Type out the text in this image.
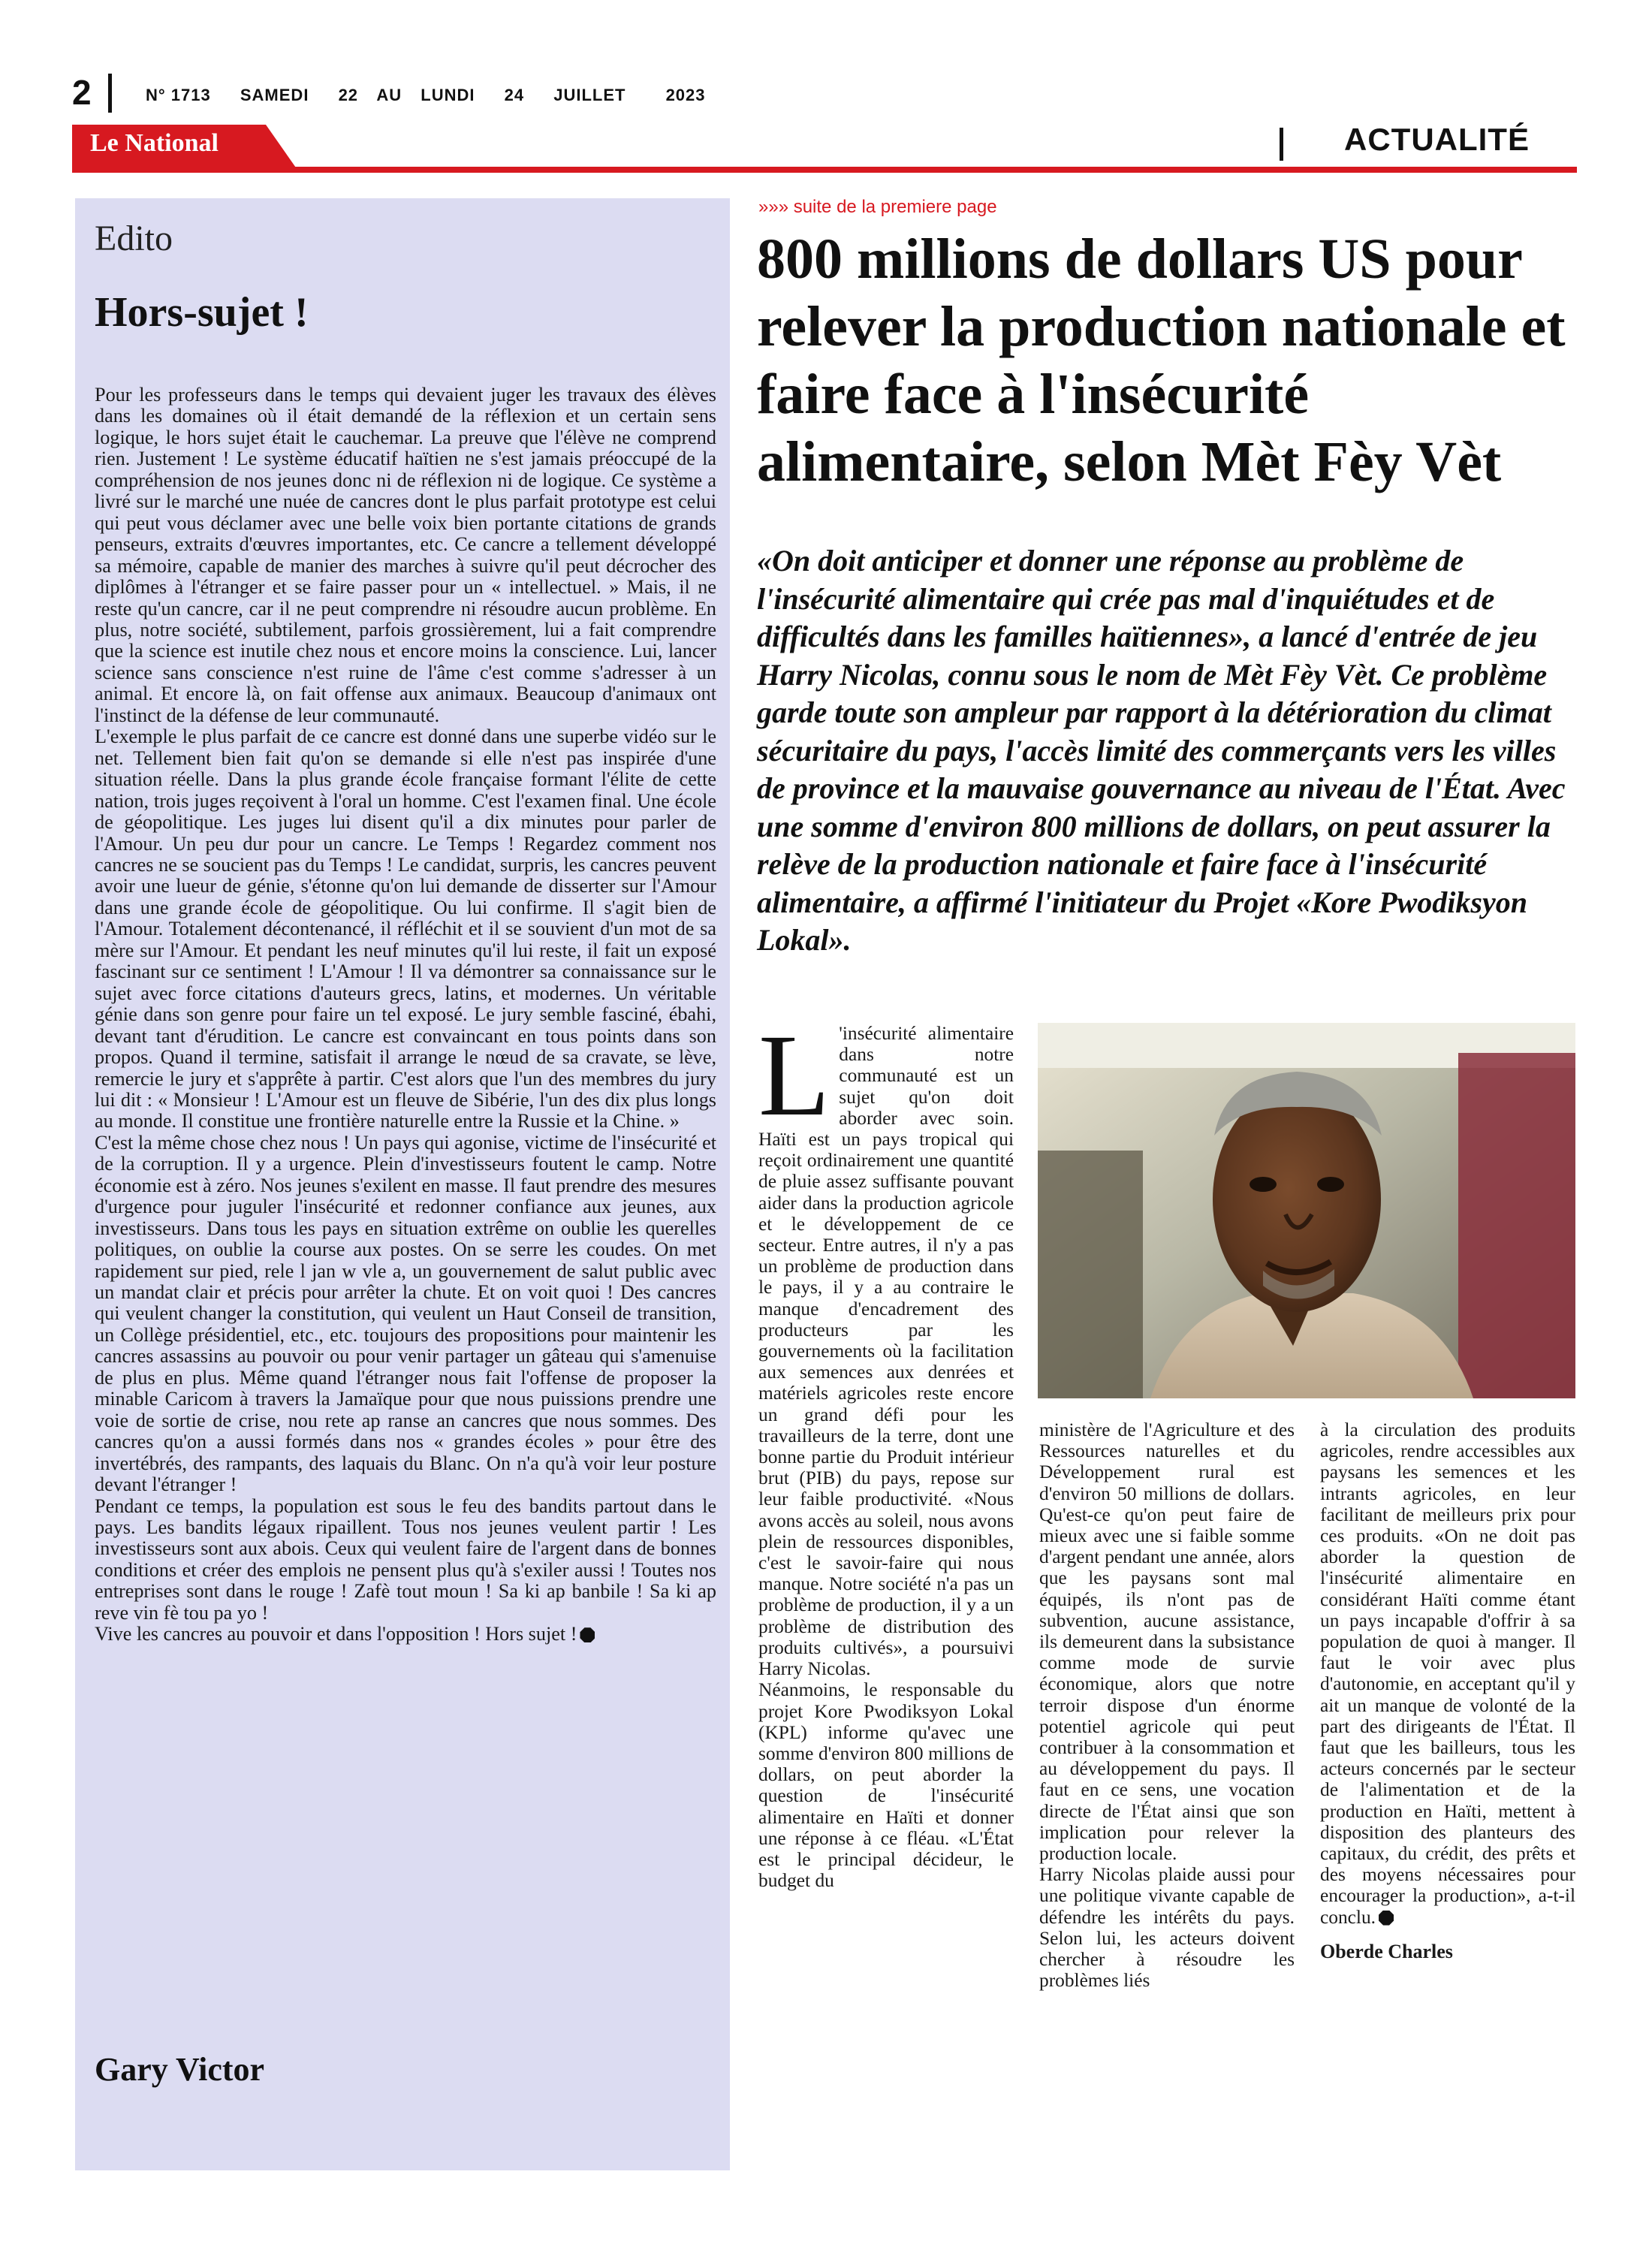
2	N° 1713 SAMEDI 22 AU LUNDI 24 JUILLET 2023
Le National	ACTUALITÉ
Edito
Hors-sujet !

Pour les professeurs dans le temps qui devaient juger les travaux des élèves dans les domaines où il était demandé de la réflexion et un certain sens logique, le hors sujet était le cauchemar. La preuve que l'élève ne comprend rien. Justement ! Le système éducatif haïtien ne s'est jamais préoccupé de la compréhension de nos jeunes donc ni de réflexion ni de logique. Ce système a livré sur le marché une nuée de cancres dont le plus parfait prototype est celui qui peut vous déclamer avec une belle voix bien portante citations de grands penseurs, extraits d'œuvres importantes, etc. Ce cancre a tellement développé sa mémoire, capable de manier des marches à suivre qu'il peut décrocher des diplômes à l'étranger et se faire passer pour un « intellectuel. » Mais, il ne reste qu'un cancre, car il ne peut comprendre ni résoudre aucun problème. En plus, notre société, subtilement, parfois grossièrement, lui a fait comprendre que la science est inutile chez nous et encore moins la conscience. Lui, lancer science sans conscience n'est ruine de l'âme c'est comme s'adresser à un animal. Et encore là, on fait offense aux animaux. Beaucoup d'animaux ont l'instinct de la défense de leur communauté.

L'exemple le plus parfait de ce cancre est donné dans une superbe vidéo sur le net. Tellement bien fait qu'on se demande si elle n'est pas inspirée d'une situation réelle. Dans la plus grande école française formant l'élite de cette nation, trois juges reçoivent à l'oral un homme. C'est l'examen final. Une école de géopolitique. Les juges lui disent qu'il a dix minutes pour parler de l'Amour. Un peu dur pour un cancre. Le Temps ! Regardez comment nos cancres ne se soucient pas du Temps ! Le candidat, surpris, les cancres peuvent avoir une lueur de génie, s'étonne qu'on lui demande de disserter sur l'Amour dans une grande école de géopolitique. Ou lui confirme. Il s'agit bien de l'Amour. Totalement décontenancé, il réfléchit et il se souvient d'un mot de sa mère sur l'Amour. Et pendant les neuf minutes qu'il lui reste, il fait un exposé fascinant sur ce sentiment ! L'Amour ! Il va démontrer sa connaissance sur le sujet avec force citations d'auteurs grecs, latins, et modernes. Un véritable génie dans son genre pour faire un tel exposé. Le jury semble fasciné, ébahi, devant tant d'érudition. Le cancre est convaincant en tous points dans son propos. Quand il termine, satisfait il arrange le nœud de sa cravate, se lève, remercie le jury et s'apprête à partir. C'est alors que l'un des membres du jury lui dit : « Monsieur ! L'Amour est un fleuve de Sibérie, l'un des dix plus longs au monde. Il constitue une frontière naturelle entre la Russie et la Chine. »

C'est la même chose chez nous ! Un pays qui agonise, victime de l'insécurité et de la corruption. Il y a urgence. Plein d'investisseurs foutent le camp. Notre économie est à zéro. Nos jeunes s'exilent en masse. Il faut prendre des mesures d'urgence pour juguler l'insécurité et redonner confiance aux jeunes, aux investisseurs. Dans tous les pays en situation extrême on oublie les querelles politiques, on oublie la course aux postes. On se serre les coudes. On met rapidement sur pied, rele l jan w vle a, un gouvernement de salut public avec un mandat clair et précis pour arrêter la chute. Et on voit quoi ! Des cancres qui veulent changer la constitution, qui veulent un Haut Conseil de transition, un Collège présidentiel, etc., etc. toujours des propositions pour maintenir les cancres assassins au pouvoir ou pour venir partager un gâteau qui s'amenuise de plus en plus. Même quand l'étranger nous fait l'offense de proposer la minable Caricom à travers la Jamaïque pour que nous puissions prendre une voie de sortie de crise, nou rete ap ranse an cancres que nous sommes. Des cancres qu'on a aussi formés dans nos « grandes écoles » pour être des invertébrés, des rampants, des laquais du Blanc. On n'a qu'à voir leur posture devant l'étranger !

Pendant ce temps, la population est sous le feu des bandits partout dans le pays. Les bandits légaux ripaillent. Tous nos jeunes veulent partir ! Les investisseurs sont aux abois. Ceux qui veulent faire de l'argent dans de bonnes conditions et créer des emplois ne pensent plus qu'à s'exiler aussi ! Toutes nos entreprises sont dans le rouge ! Zafè tout moun ! Sa ki ap banbile ! Sa ki ap reve vin fè tou pa yo !

Vive les cancres au pouvoir et dans l'opposition ! Hors sujet !

Gary Victor
»»» suite de la premiere page
800 millions de dollars US pour relever la production nationale et faire face à l'insécurité alimentaire, selon Mèt Fèy Vèt
«On doit anticiper et donner une réponse au problème de l'insécurité alimentaire qui crée pas mal d'inquiétudes et de difficultés dans les familles haïtiennes», a lancé d'entrée de jeu Harry Nicolas, connu sous le nom de Mèt Fèy Vèt. Ce problème garde toute son ampleur par rapport à la détérioration du climat sécuritaire du pays, l'accès limité des commerçants vers les villes de province et la mauvaise gouvernance au niveau de l'État. Avec une somme d'environ 800 millions de dollars, on peut assurer la relève de la production nationale et faire face à l'insécurité alimentaire, a affirmé l'initiateur du Projet «Kore Pwodiksyon Lokal».

L 'insécurité alimentaire dans notre communauté est un sujet qu'on doit aborder avec soin. Haïti est un pays tropical qui reçoit ordinairement une quantité de pluie assez suffisante pouvant aider dans la production agricole et le développement de ce secteur. Entre autres, il n'y a pas un problème de production dans le pays, il y a au contraire le manque d'encadrement des producteurs par les gouvernements où la facilitation aux semences aux denrées et matériels agricoles reste encore un grand défi pour les travailleurs de la terre, dont une bonne partie du Produit intérieur brut (PIB) du pays, repose sur leur faible productivité. «Nous avons accès au soleil, nous avons plein de ressources disponibles, c'est le savoir-faire qui nous manque. Notre société n'a pas un problème de production, il y a un problème de distribution des produits cultivés», a poursuivi Harry Nicolas.

Néanmoins, le responsable du projet Kore Pwodiksyon Lokal (KPL) informe qu'avec une somme d'environ 800 millions de dollars, on peut aborder la question de l'insécurité alimentaire en Haïti et donner une réponse à ce fléau. «L'État est le principal décideur, le budget du

ministère de l'Agriculture et des Ressources naturelles et du Développement rural est d'environ 50 millions de dollars. Qu'est-ce qu'on peut faire de mieux avec une si faible somme d'argent pendant une année, alors que les paysans sont mal équipés, ils n'ont pas de subvention, aucune assistance, ils demeurent dans la subsistance comme mode de survie économique, alors que notre terroir dispose d'un énorme potentiel agricole qui peut contribuer à la consommation et au développement du pays. Il faut en ce sens, une vocation directe de l'État ainsi que son implication pour relever la production locale.

Harry Nicolas plaide aussi pour une politique vivante capable de défendre les intérêts du pays. Selon lui, les acteurs doivent chercher à résoudre les problèmes liés

à la circulation des produits agricoles, rendre accessibles aux paysans les semences et les intrants agricoles, en leur facilitant de meilleurs prix pour ces produits. «On ne doit pas aborder la question de l'insécurité alimentaire en considérant Haïti comme étant un pays incapable d'offrir à sa population de quoi à manger. Il faut le voir avec plus d'autonomie, en acceptant qu'il y ait un manque de volonté de la part des dirigeants de l'État. Il faut que les bailleurs, tous les acteurs concernés par le secteur de l'alimentation et de la production en Haïti, mettent à disposition des planteurs des capitaux, du crédit, des prêts et des moyens nécessaires pour encourager la production», a-t-il conclu.

Oberde Charles
